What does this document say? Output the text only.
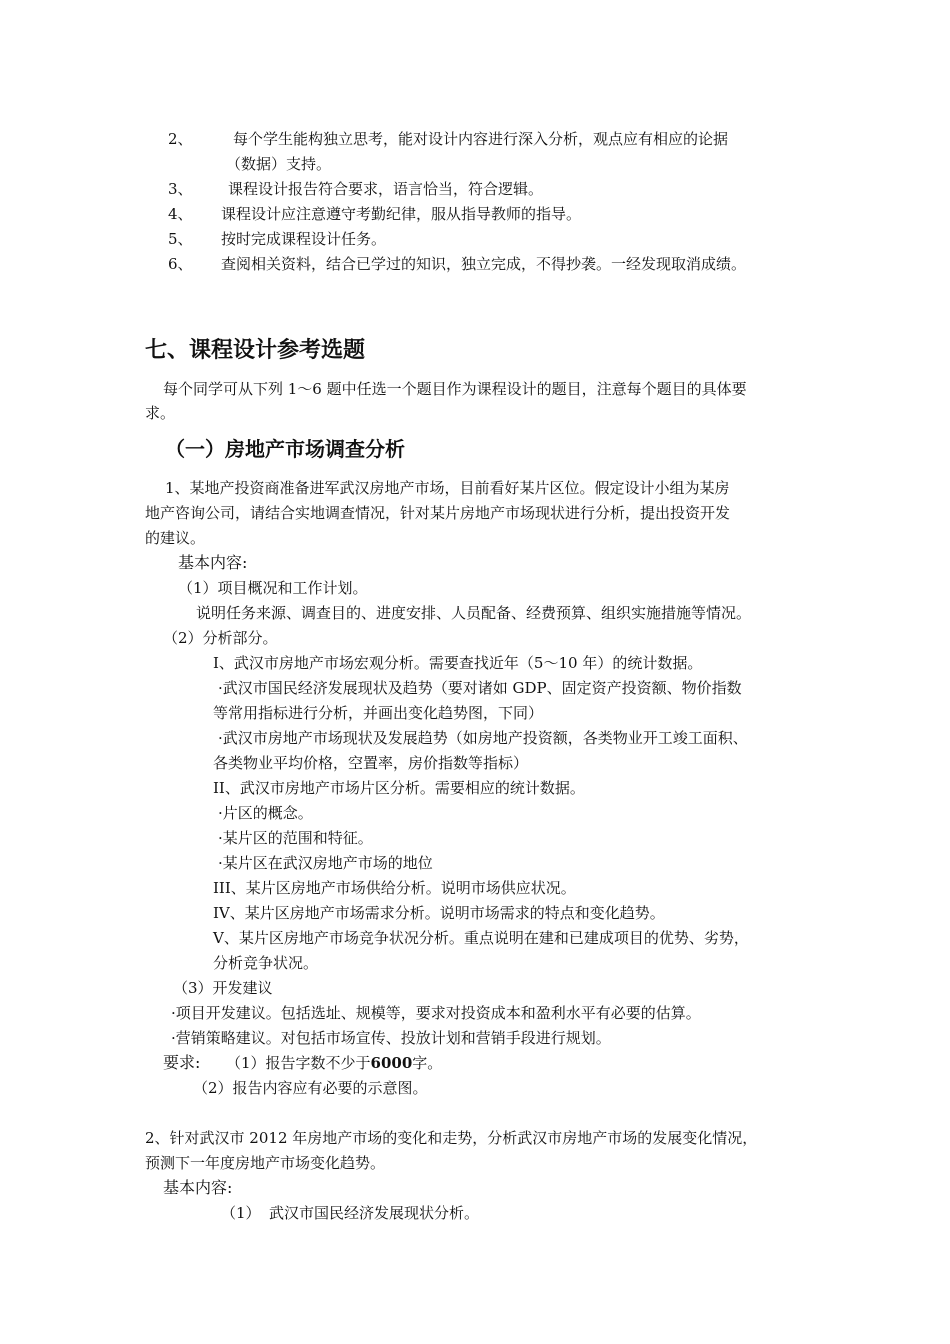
2、	每个学生能构独立思考，能对设计内容进行深入分析，观点应有相应的论据
（数据）支持。
3、 课程设计报告符合要求，语言恰当，符合逻辑。
4、 课程设计应注意遵守考勤纪律，服从指导教师的指导。
5、 按时完成课程设计任务。
6、 查阅相关资料，结合已学过的知识，独立完成，不得抄袭。一经发现取消成绩。
七、课程设计参考选题
每个同学可从下列 1～6 题中任选一个题目作为课程设计的题目，注意每个题目的具体要
求。
（一）房地产市场调查分析
1、某地产投资商准备进军武汉房地产市场，目前看好某片区位。假定设计小组为某房
地产咨询公司，请结合实地调查情况，针对某片房地产市场现状进行分析，提出投资开发
的建议。
基本内容:
（1）项目概况和工作计划。
说明任务来源、调查目的、进度安排、人员配备、经费预算、组织实施措施等情况。
（2）分析部分。
I、武汉市房地产市场宏观分析。需要查找近年（5～10 年）的统计数据。
·武汉市国民经济发展现状及趋势（要对诸如 GDP、固定资产投资额、物价指数
等常用指标进行分析，并画出变化趋势图，下同）
·武汉市房地产市场现状及发展趋势（如房地产投资额，各类物业开工竣工面积、
各类物业平均价格，空置率，房价指数等指标）
II、武汉市房地产市场片区分析。需要相应的统计数据。
·片区的概念。
·某片区的范围和特征。
·某片区在武汉房地产市场的地位
III、某片区房地产市场供给分析。说明市场供应状况。
IV、某片区房地产市场需求分析。说明市场需求的特点和变化趋势。
V、某片区房地产市场竞争状况分析。重点说明在建和已建成项目的优势、劣势，
分析竞争状况。
（3）开发建议
·项目开发建议。包括选址、规模等，要求对投资成本和盈利水平有必要的估算。
·营销策略建议。对包括市场宣传、投放计划和营销手段进行规划。
要求: （1）报告字数不少于6000字。
（2）报告内容应有必要的示意图。
2、针对武汉市 2012 年房地产市场的变化和走势，分析武汉市房地产市场的发展变化情况，
预测下一年度房地产市场变化趋势。
基本内容:
（1） 武汉市国民经济发展现状分析。
